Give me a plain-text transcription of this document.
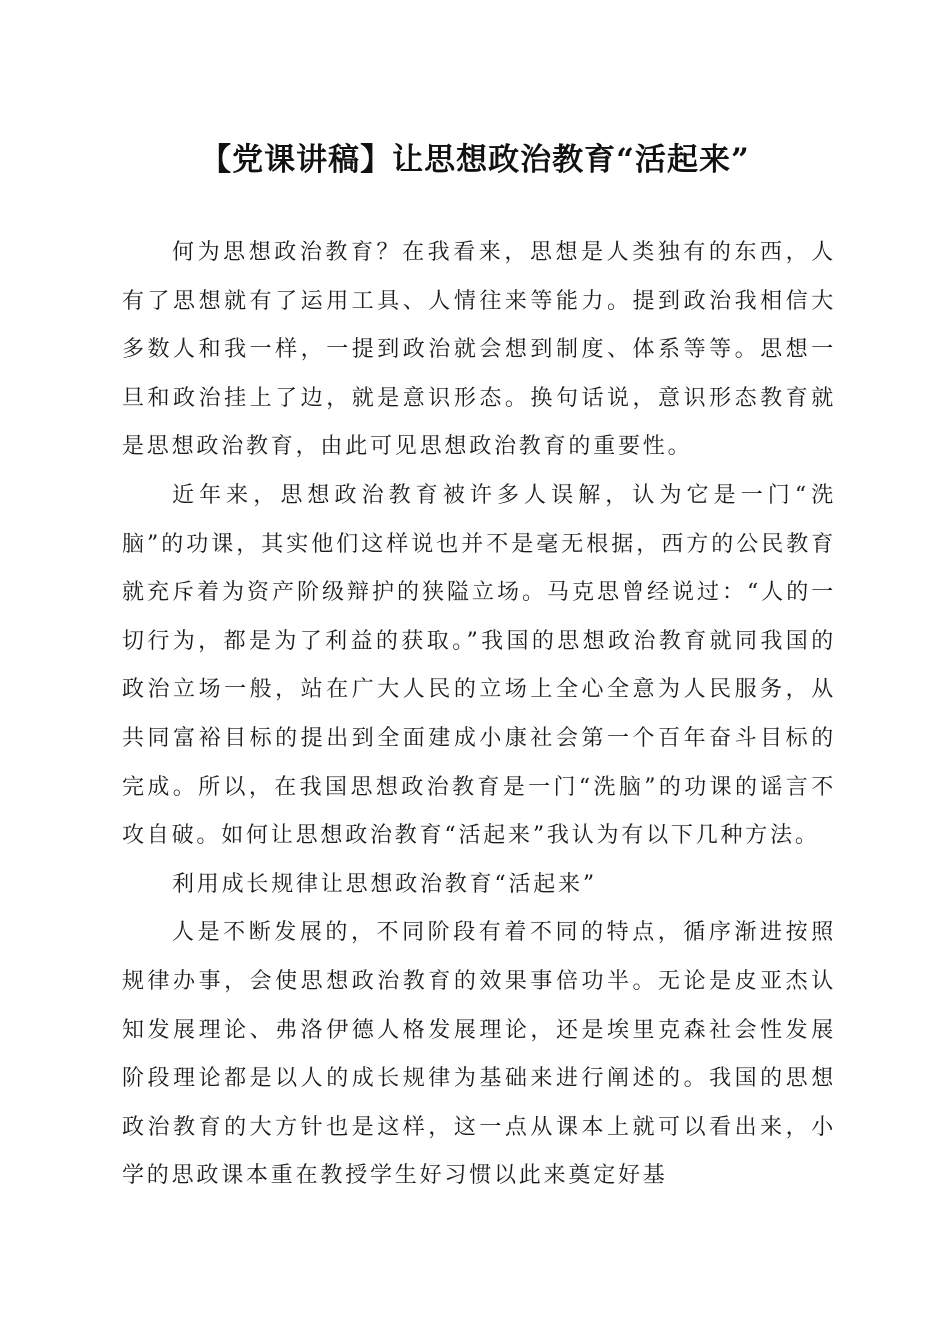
【党课讲稿】让思想政治教育“活起来”

何为思想政治教育？在我看来，思想是人类独有的东西，人有了思想就有了运用工具、人情往来等能力。提到政治我相信大多数人和我一样，一提到政治就会想到制度、体系等等。思想一旦和政治挂上了边，就是意识形态。换句话说，意识形态教育就是思想政治教育，由此可见思想政治教育的重要性。

近年来，思想政治教育被许多人误解，认为它是一门“洗脑”的功课，其实他们这样说也并不是毫无根据，西方的公民教育就充斥着为资产阶级辩护的狭隘立场。马克思曾经说过：“人的一切行为，都是为了利益的获取。”我国的思想政治教育就同我国的政治立场一般，站在广大人民的立场上全心全意为人民服务，从共同富裕目标的提出到全面建成小康社会第一个百年奋斗目标的完成。所以，在我国思想政治教育是一门“洗脑”的功课的谣言不攻自破。如何让思想政治教育“活起来”我认为有以下几种方法。

利用成长规律让思想政治教育“活起来”

人是不断发展的，不同阶段有着不同的特点，循序渐进按照规律办事，会使思想政治教育的效果事倍功半。无论是皮亚杰认知发展理论、弗洛伊德人格发展理论，还是埃里克森社会性发展阶段理论都是以人的成长规律为基础来进行阐述的。我国的思想政治教育的大方针也是这样，这一点从课本上就可以看出来，小学的思政课本重在教授学生好习惯以此来奠定好基
